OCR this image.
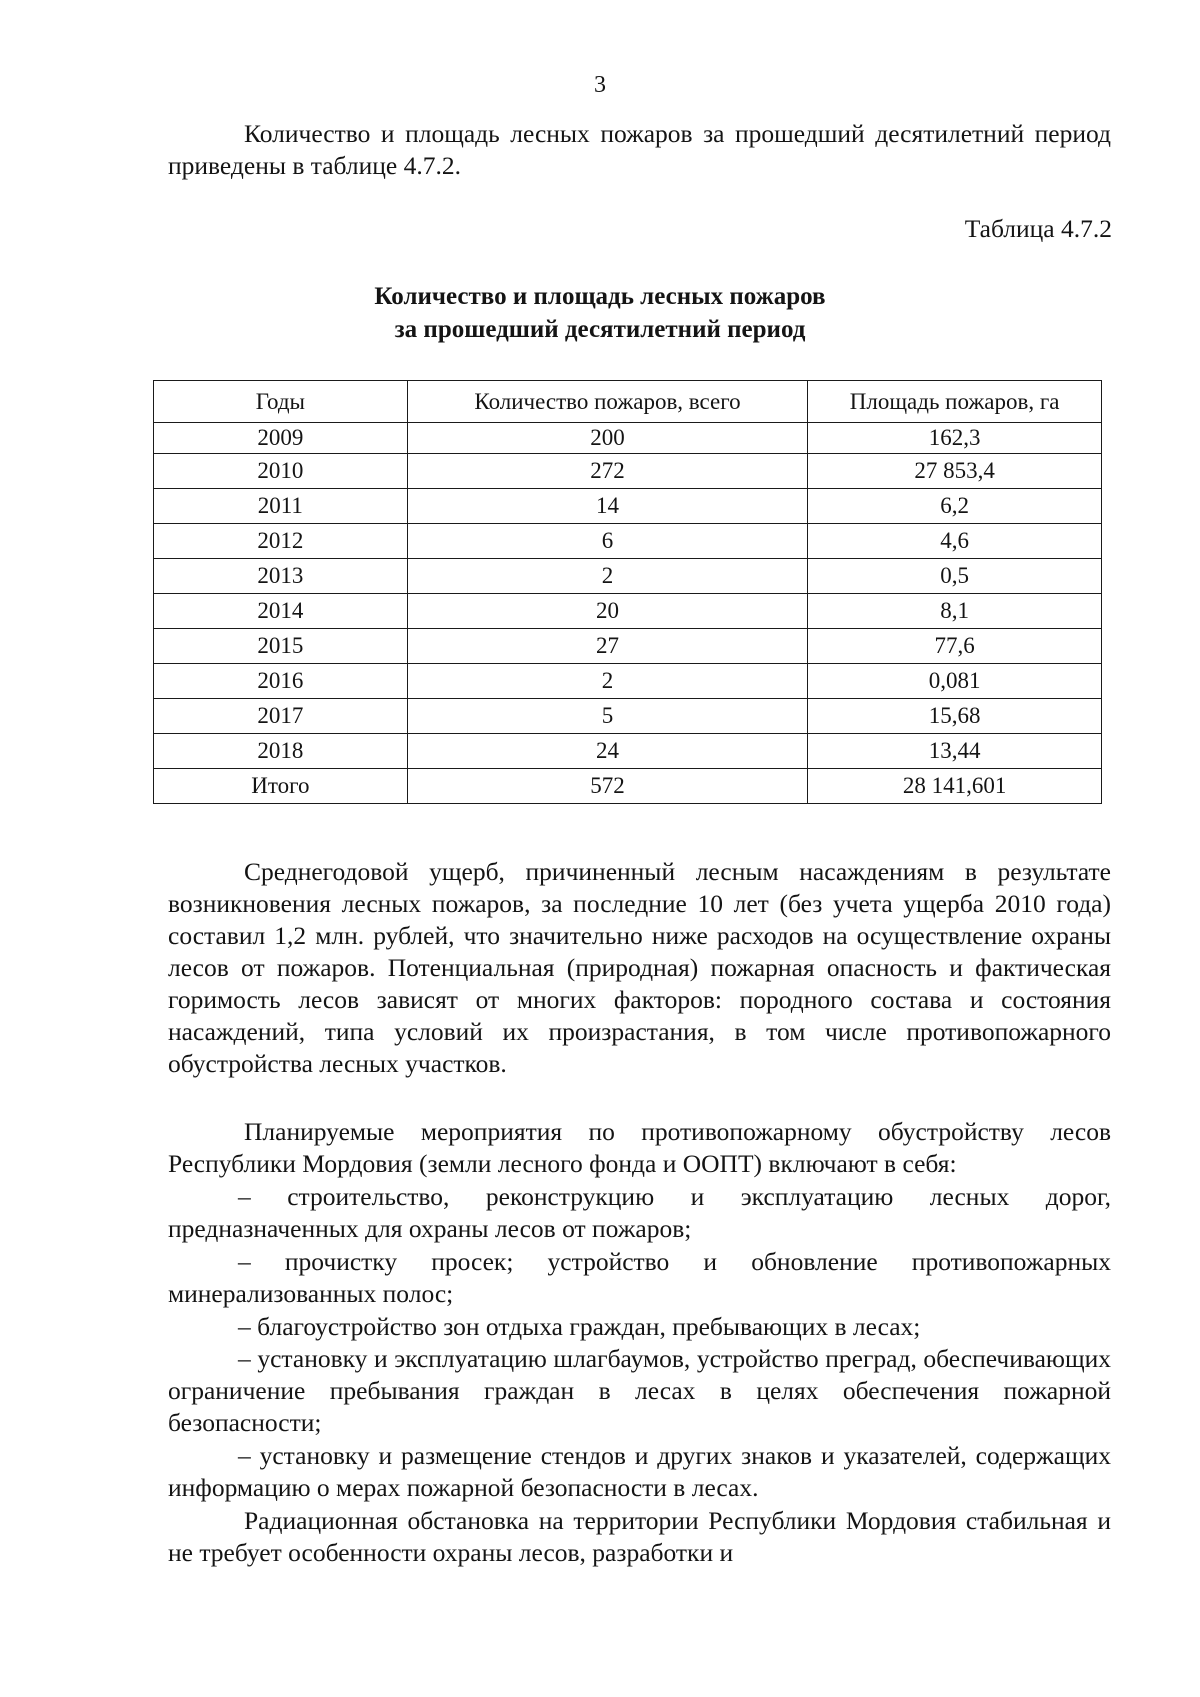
3

Количество и площадь лесных пожаров за прошедший десятилетний период приведены в таблице 4.7.2.

Таблица 4.7.2
Количество и площадь лесных пожаров
за прошедший десятилетний период
Годы	Количество пожаров, всего	Площадь пожаров, га
2009	200	162,3
2010	272	27 853,4
2011	14	6,2
2012	6	4,6
2013	2	0,5
2014	20	8,1
2015	27	77,6
2016	2	0,081
2017	5	15,68
2018	24	13,44
Итого	572	28 141,601

Среднегодовой ущерб, причиненный лесным насаждениям в результате возникновения лесных пожаров, за последние 10 лет (без учета ущерба 2010 года) составил 1,2 млн. рублей, что значительно ниже расходов на осуществление охраны лесов от пожаров. Потенциальная (природная) пожарная опасность и фактическая горимость лесов зависят от многих факторов: породного состава и состояния насаждений, типа условий их произрастания, в том числе противопожарного обустройства лесных участков.

Планируемые мероприятия по противопожарному обустройству лесов Республики Мордовия (земли лесного фонда и ООПТ) включают в себя:

– строительство, реконструкцию и эксплуатацию лесных дорог, предназначенных для охраны лесов от пожаров;

– прочистку просек; устройство и обновление противопожарных минерализованных полос;

– благоустройство зон отдыха граждан, пребывающих в лесах;

– установку и эксплуатацию шлагбаумов, устройство преград, обеспечивающих ограничение пребывания граждан в лесах в целях обеспечения пожарной безопасности;

– установку и размещение стендов и других знаков и указателей, содержащих информацию о мерах пожарной безопасности в лесах.

Радиационная обстановка на территории Республики Мордовия стабильная и не требует особенности охраны лесов, разработки и
